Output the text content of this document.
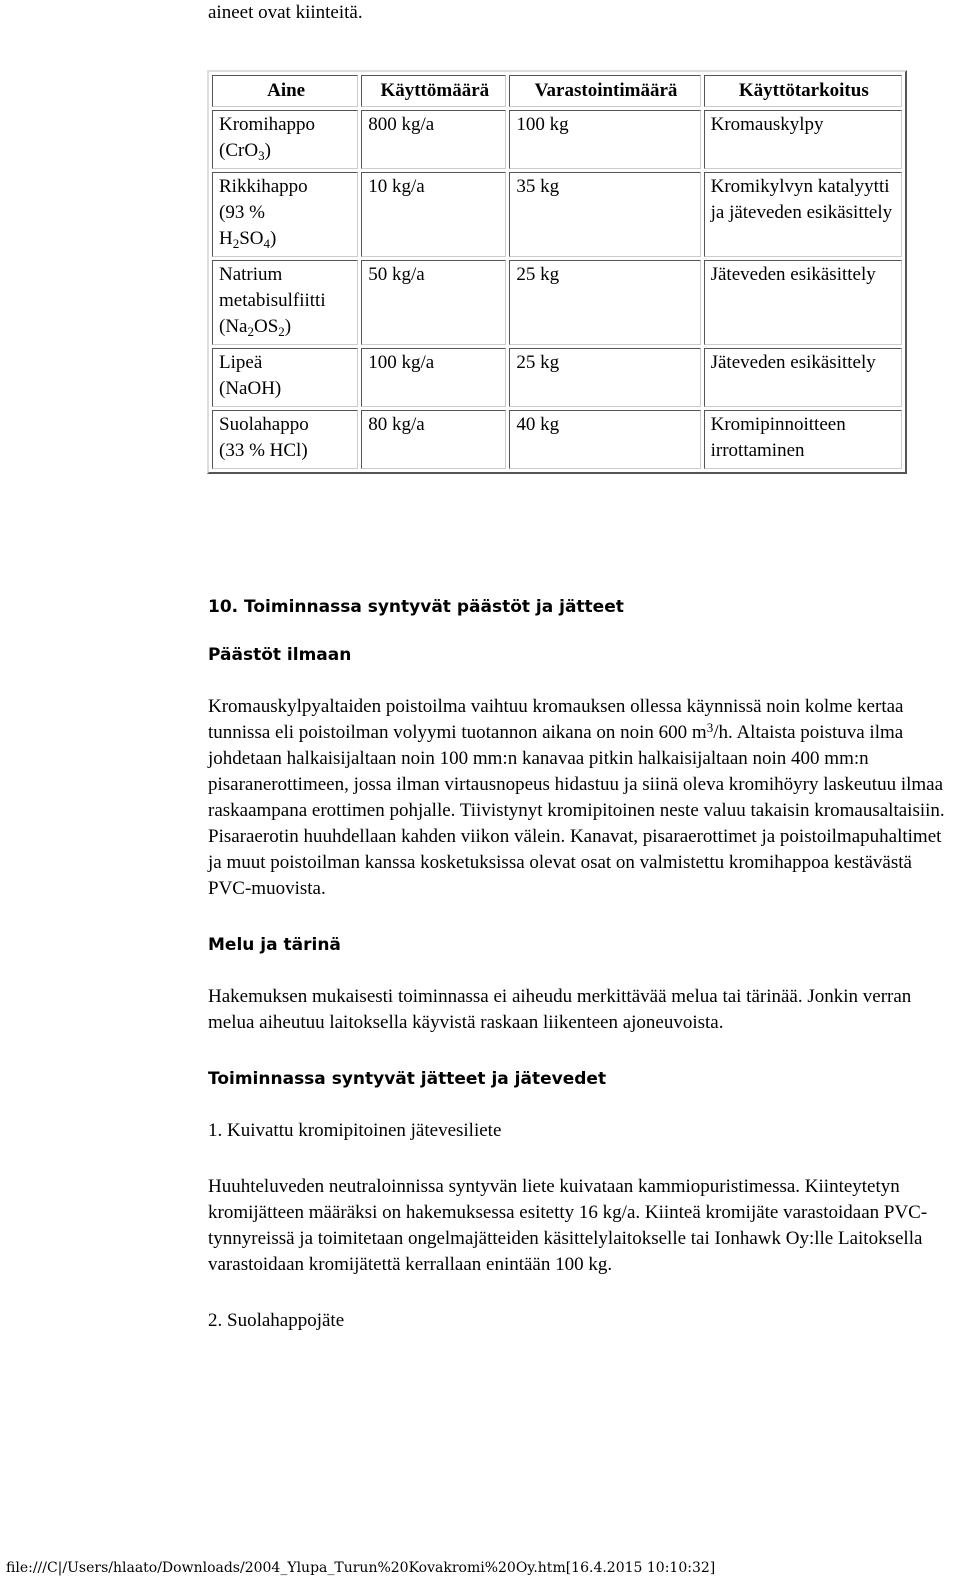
aineet ovat kiinteitä.
Aine	Käyttömäärä	Varastointimäärä	Käyttötarkoitus
Kromihappo
(CrO$_3$)	800 kg/a	100 kg	Kromauskylpy
Rikkihappo
(93 %
$H_2SO_4$)	10 kg/a	35 kg	Kromikylvyn katalyytti ja jäteveden esikäsittely
Natrium
metabisulfiitti
$(Na_2OS_2)$	50 kg/a	25 kg	Jäteveden esikäsittely
Lipeä
(NaOH)	100 kg/a	25 kg	Jäteveden esikäsittely
Suolahappo
(33 % HCl)	80 kg/a	40 kg	Kromipinnoitteen irrottaminen
10. Toiminnassa syntyvät päästöt ja jätteet
Päästöt ilmaan
Kromauskylpyaltaiden poistoilma vaihtuu kromauksen ollessa käynnissä noin kolme kertaa tunnissa eli poistoilman volyymi tuotannon aikana on noin 600 $m^3/h$. Altaista poistuva ilma johdetaan halkaisijaltaan noin 100 mm:n kanavaa pitkin halkaisijaltaan noin 400 mm:n pisaranerottimeen, jossa ilman virtausnopeus hidastuu ja siinä oleva kromihöyry laskeutuu ilmaa raskaampana erottimen pohjalle. Tiivistynyt kromipitoinen neste valuu takaisin kromausaltaisiin. Pisaraerotin huuhdellaan kahden viikon välein. Kanavat, pisaraerottimet ja poistoilmapuhaltimet ja muut poistoilman kanssa kosketuksissa olevat osat on valmistettu kromihappoa kestävästä PVC-muovista.
Melu ja tärinä
Hakemuksen mukaisesti toiminnassa ei aiheudu merkittävää melua tai tärinää. Jonkin verran melua aiheutuu laitoksella käyvistä raskaan liikenteen ajoneuvoista.
Toiminnassa syntyvät jätteet ja jätevedet
1. Kuivattu kromipitoinen jätevesiliete
Huuhteluveden neutraloinnissa syntyvän liete kuivataan kammiopuristimessa. Kiinteytetyn kromijätteen määräksi on hakemuksessa esitetty 16 kg/a. Kiinteä kromijäte varastoidaan PVC-tynnyreissä ja toimitetaan ongelmajätteiden käsittelylaitokselle tai Ionhawk Oy:lle Laitoksella varastoidaan kromijätettä kerrallaan enintään 100 kg.
2. Suolahappojäte
file:///C|/Users/hlaato/Downloads/2004_Ylupa_Turun%20Kovakromi%20Oy.htm[16.4.2015 10:10:32]
